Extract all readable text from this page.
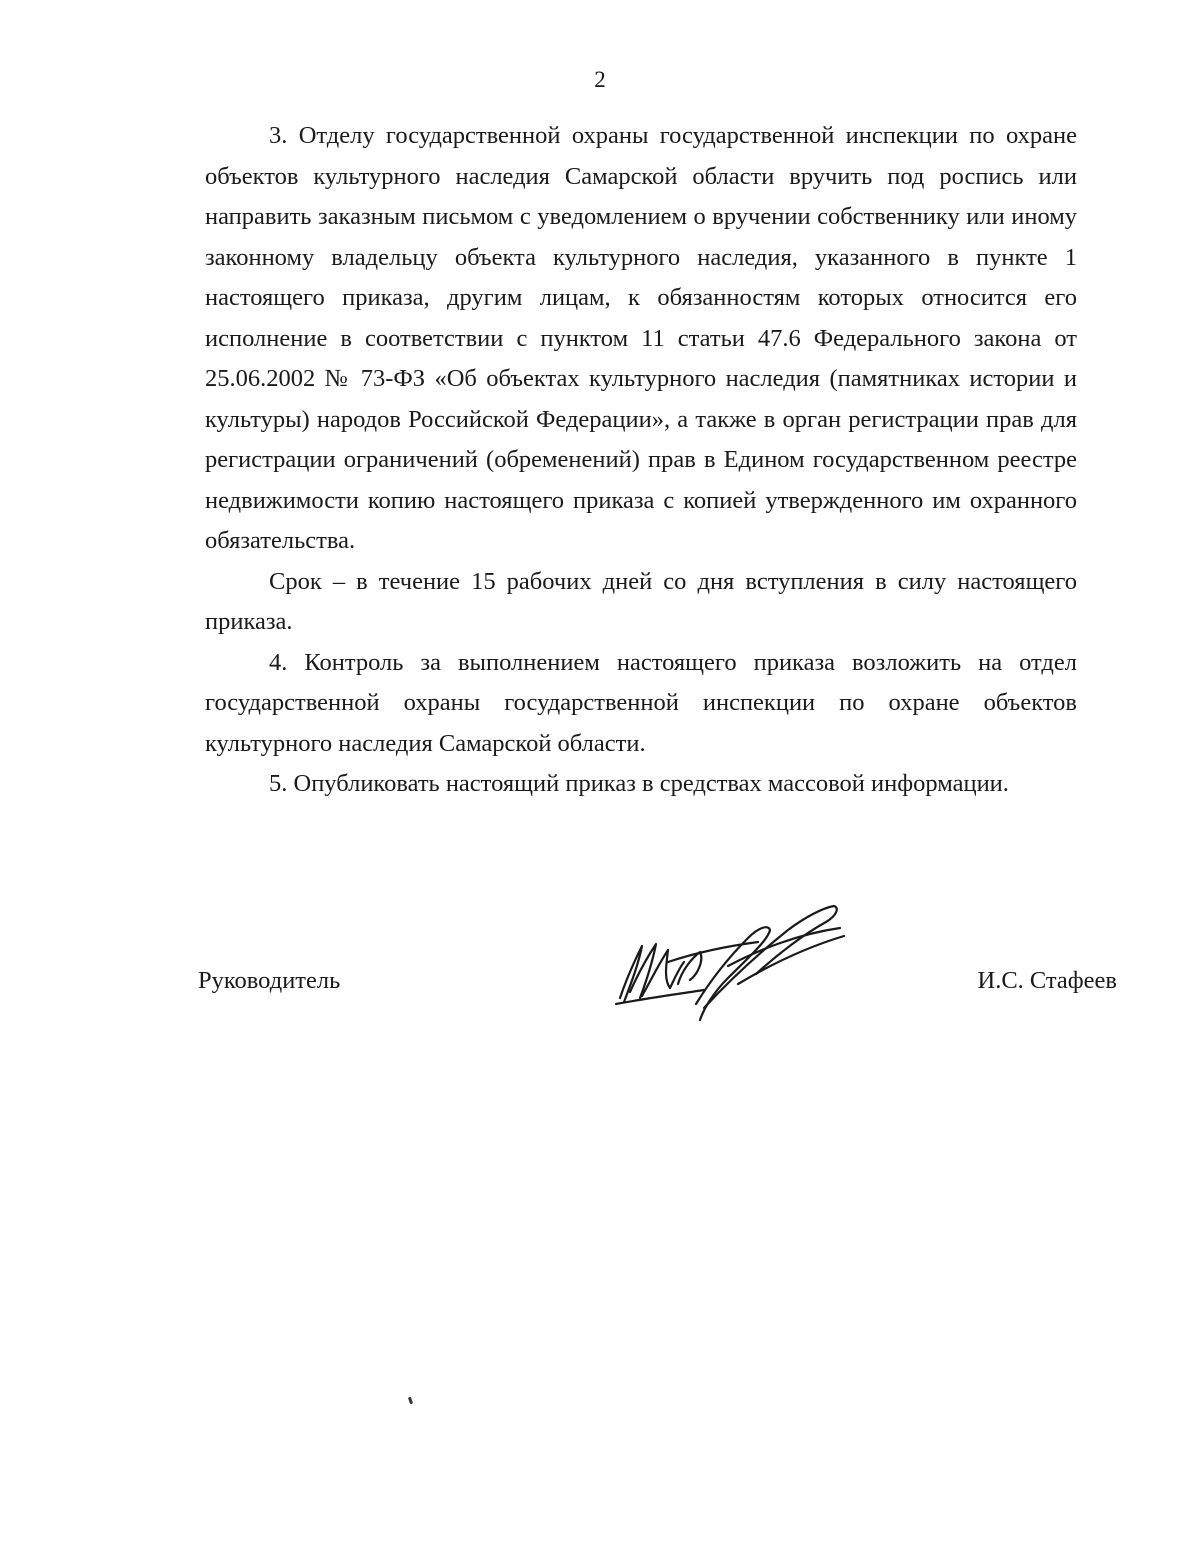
2

3. Отделу государственной охраны государственной инспекции по охране объектов культурного наследия Самарской области вручить под роспись или направить заказным письмом с уведомлением о вручении собственнику или иному законному владельцу объекта культурного наследия, указанного в пункте 1 настоящего приказа, другим лицам, к обязанностям которых относится его исполнение в соответствии с пунктом 11 статьи 47.6 Федерального закона от 25.06.2002 № 73-ФЗ «Об объектах культурного наследия (памятниках истории и культуры) народов Российской Федерации», а также в орган регистрации прав для регистрации ограничений (обременений) прав в Едином государственном реестре недвижимости копию настоящего приказа с копией утвержденного им охранного обязательства.

Срок – в течение 15 рабочих дней со дня вступления в силу настоящего приказа.

4. Контроль за выполнением настоящего приказа возложить на отдел государственной охраны государственной инспекции по охране объектов культурного наследия Самарской области.

5. Опубликовать настоящий приказ в средствах массовой информации.

Руководитель	И.С. Стафеев
